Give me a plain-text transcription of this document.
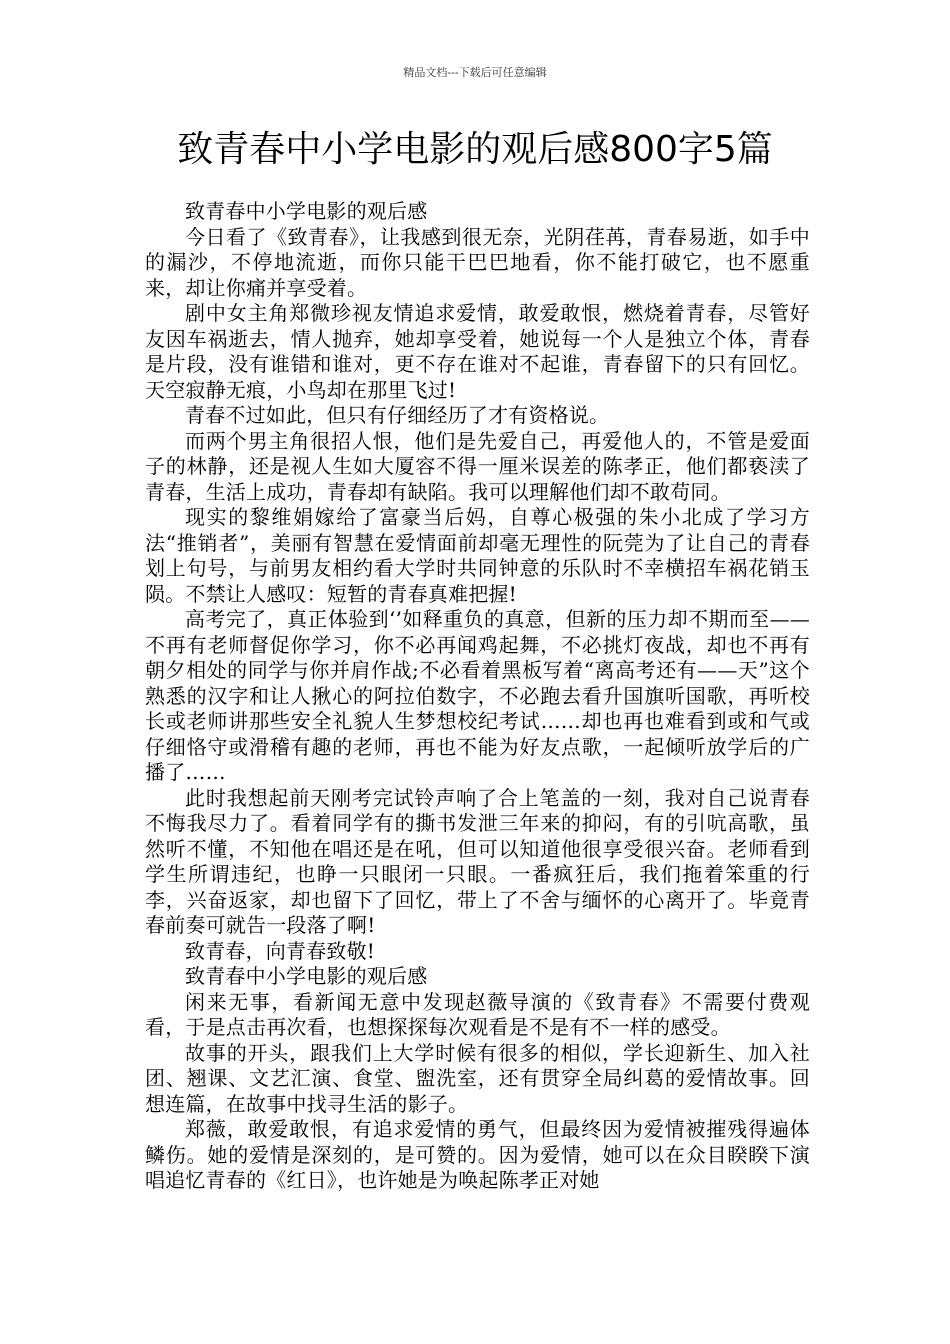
精品文档---下载后可任意编辑
致青春中小学电影的观后感800字5篇

致青春中小学电影的观后感

今日看了《致青春》，让我感到很无奈，光阴荏苒，青春易逝，如手中的漏沙，不停地流逝，而你只能干巴巴地看，你不能打破它，也不愿重来，却让你痛并享受着。

剧中女主角郑微珍视友情追求爱情，敢爱敢恨，燃烧着青春，尽管好友因车祸逝去，情人抛弃，她却享受着，她说每一个人是独立个体，青春是片段，没有谁错和谁对，更不存在谁对不起谁，青春留下的只有回忆。天空寂静无痕，小鸟却在那里飞过!

青春不过如此，但只有仔细经历了才有资格说。

而两个男主角很招人恨，他们是先爱自己，再爱他人的，不管是爱面子的林静，还是视人生如大厦容不得一厘米误差的陈孝正，他们都亵渎了青春，生活上成功，青春却有缺陷。我可以理解他们却不敢苟同。

现实的黎维娟嫁给了富豪当后妈，自尊心极强的朱小北成了学习方法“推销者”，美丽有智慧在爱情面前却毫无理性的阮莞为了让自己的青春划上句号，与前男友相约看大学时共同钟意的乐队时不幸横招车祸花销玉陨。不禁让人感叹：短暂的青春真难把握!

高考完了，真正体验到‘’如释重负的真意，但新的压力却不期而至——不再有老师督促你学习，你不必再闻鸡起舞，不必挑灯夜战，却也不再有朝夕相处的同学与你并肩作战;不必看着黑板写着“离高考还有——天”这个熟悉的汉字和让人揪心的阿拉伯数字，不必跑去看升国旗听国歌，再听校长或老师讲那些安全礼貌人生梦想校纪考试……却也再也难看到或和气或仔细恪守或滑稽有趣的老师，再也不能为好友点歌，一起倾听放学后的广播了……

此时我想起前天刚考完试铃声响了合上笔盖的一刻，我对自己说青春不悔我尽力了。看着同学有的撕书发泄三年来的抑闷，有的引吭高歌，虽然听不懂，不知他在唱还是在吼，但可以知道他很享受很兴奋。老师看到学生所谓违纪，也睁一只眼闭一只眼。一番疯狂后，我们拖着笨重的行李，兴奋返家，却也留下了回忆，带上了不舍与缅怀的心离开了。毕竟青春前奏可就告一段落了啊!

致青春，向青春致敬!

致青春中小学电影的观后感

闲来无事，看新闻无意中发现赵薇导演的《致青春》不需要付费观看，于是点击再次看，也想探探每次观看是不是有不一样的感受。

故事的开头，跟我们上大学时候有很多的相似，学长迎新生、加入社团、翘课、文艺汇演、食堂、盥洗室，还有贯穿全局纠葛的爱情故事。回想连篇，在故事中找寻生活的影子。

郑薇，敢爱敢恨，有追求爱情的勇气，但最终因为爱情被摧残得遍体鳞伤。她的爱情是深刻的，是可赞的。因为爱情，她可以在众目睽睽下演唱追忆青春的《红日》，也许她是为唤起陈孝正对她
